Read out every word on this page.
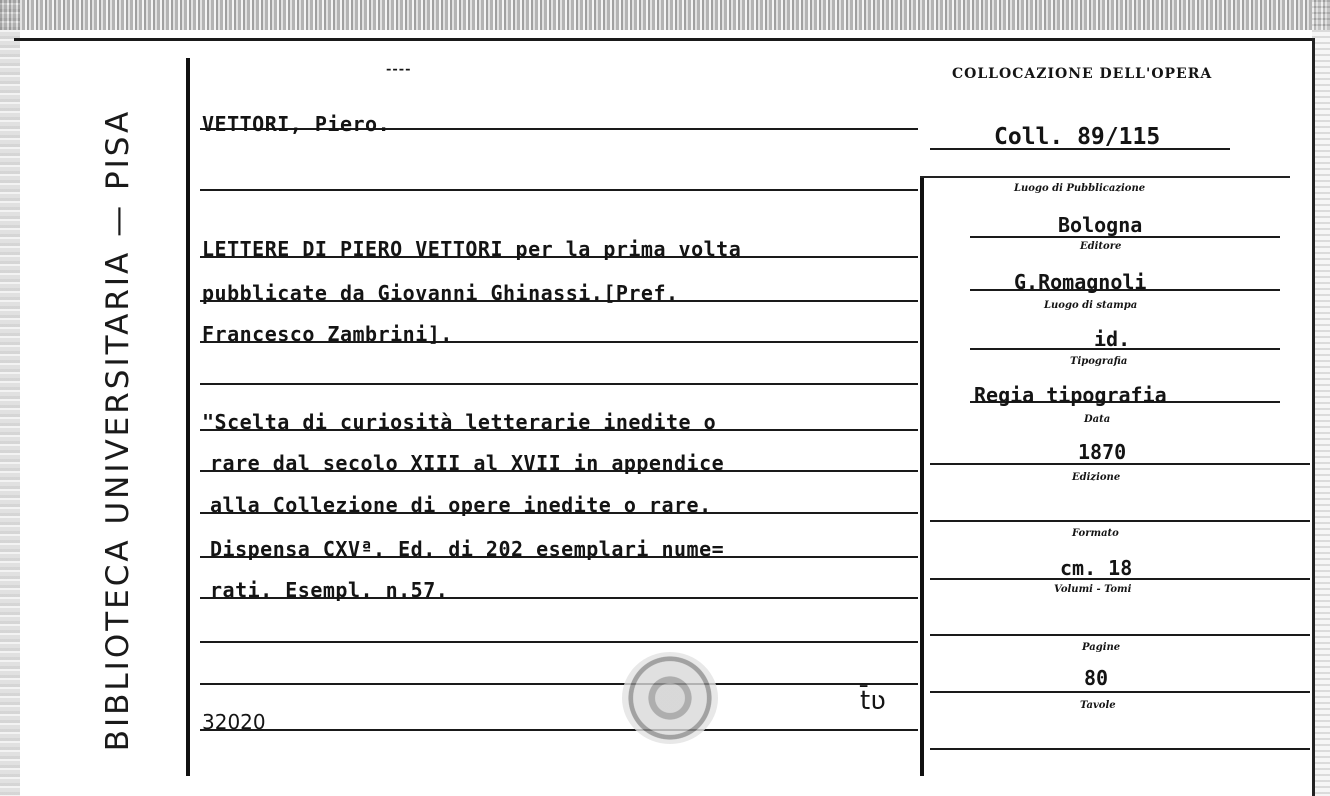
BIBLIOTECA UNIVERSITARIA — PISA
----	COLLOCAZIONE DELL'OPERA
VETTORI, Piero.
LETTERE DI PIERO VETTORI per la prima volta
pubblicate da Giovanni Ghinassi.[Pref.
Francesco Zambrini].
"Scelta di curiosità letterarie inedite o
rare dal secolo XIII al XVII in appendice
alla Collezione di opere inedite o rare.
Dispensa CXVª. Ed. di 202 esemplari nume=
rati. Esempl. n.57.
32020
t̄ʋ
Coll. 89/115
Luogo di Pubblicazione
Bologna
Editore
G.Romagnoli
Luogo di stampa
id.
Tipografia
Regia tipografia
Data
1870
Edizione
Formato
cm. 18
Volumi - Tomi
Pagine
80
Tavole
